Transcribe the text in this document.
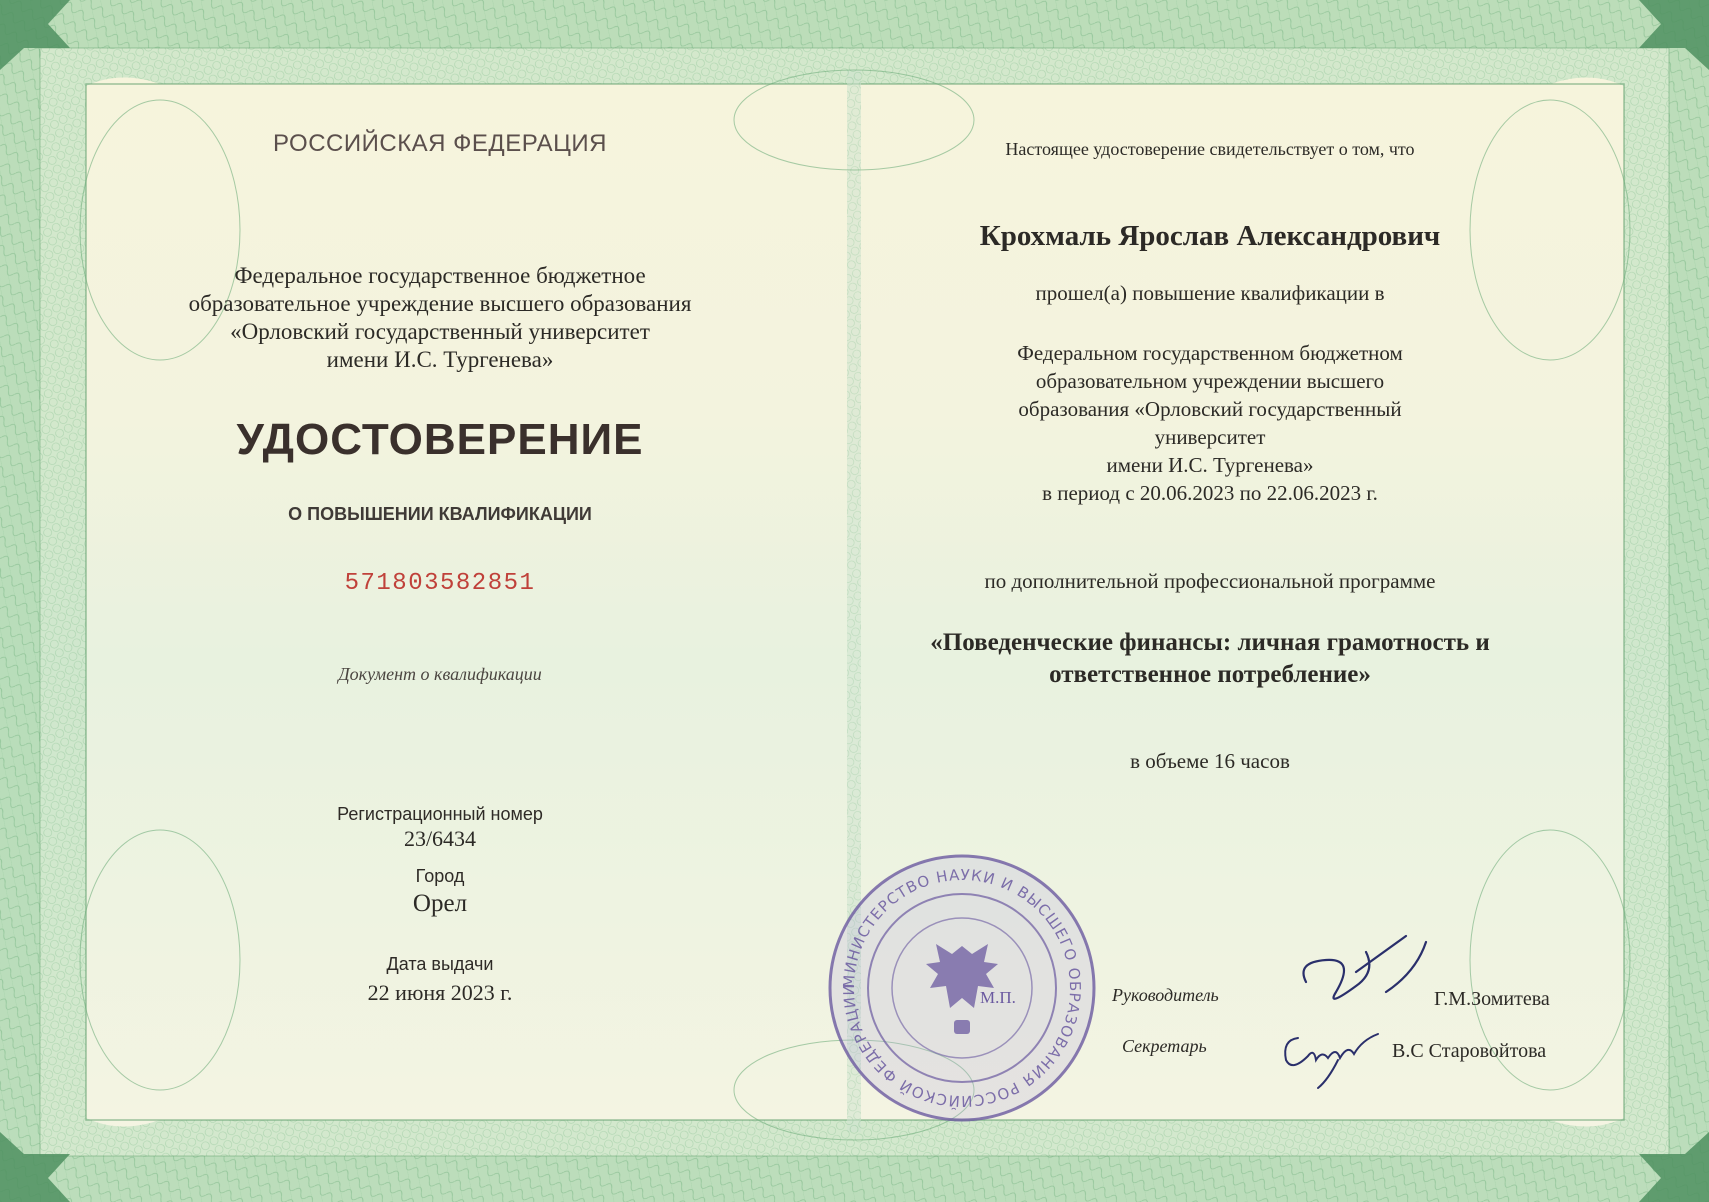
РОССИЙСКАЯ ФЕДЕРАЦИЯ
Федеральное государственное бюджетное
образовательное учреждение высшего образования
«Орловский государственный университет
имени И.С. Тургенева»
УДОСТОВЕРЕНИЕ
О ПОВЫШЕНИИ КВАЛИФИКАЦИИ
571803582851
Документ о квалификации
Регистрационный номер
23/6434
Город
Орел
Дата выдачи
22 июня 2023 г.
Настоящее удостоверение свидетельствует о том, что
Крохмаль Ярослав Александрович
прошел(а) повышение квалификации в
Федеральном государственном бюджетном
образовательном учреждении высшего
образования «Орловский государственный
университет
имени И.С. Тургенева»
в период с 20.06.2023 по 22.06.2023 г.
по дополнительной профессиональной программе
«Поведенческие финансы: личная грамотность и
ответственное потребление»
в объеме 16 часов
МИНИСТЕРСТВО НАУКИ И ВЫСШЕГО ОБРАЗОВАНИЯ РОССИЙСКОЙ ФЕДЕРАЦИИ	М.П.	Руководитель	Г.М.Зомитева
Секретарь	В.С Старовойтова
